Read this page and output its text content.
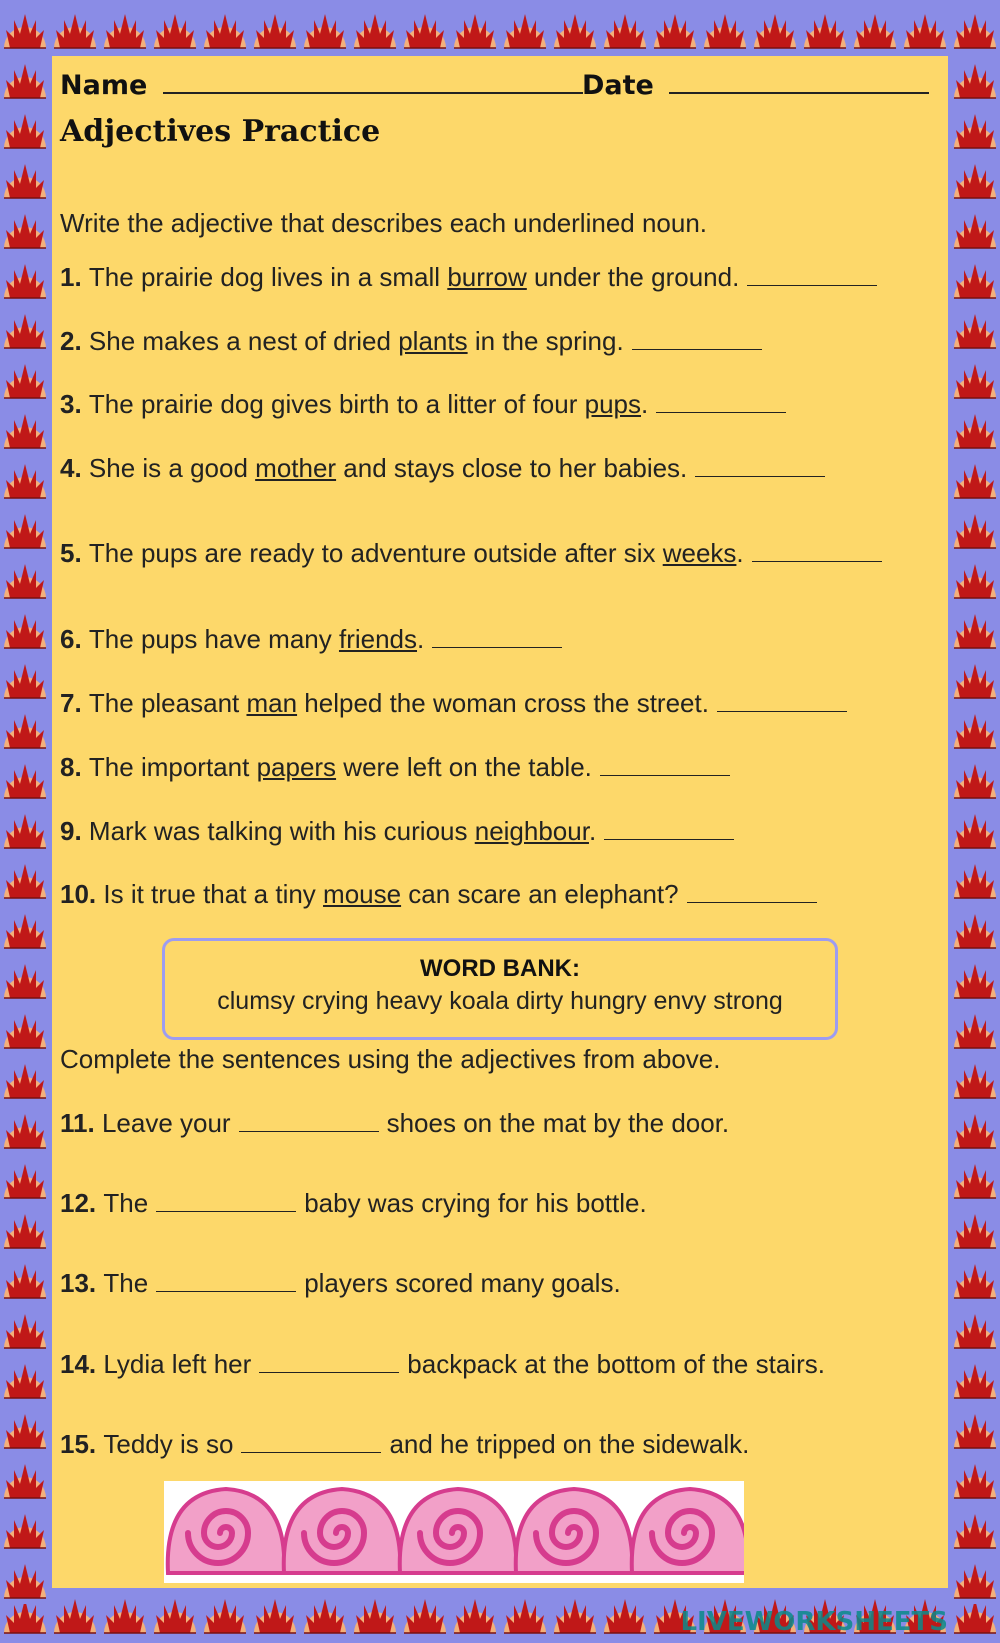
Name	Date
Adjectives Practice
Write the adjective that describes each underlined noun.
1. The prairie dog lives in a small burrow under the ground.
2. She makes a nest of dried plants in the spring.
3. The prairie dog gives birth to a litter of four pups.
4. She is a good mother and stays close to her babies.
5. The pups are ready to adventure outside after six weeks.
6. The pups have many friends.
7. The pleasant man helped the woman cross the street.
8. The important papers were left on the table.
9. Mark was talking with his curious neighbour.
10. Is it true that a tiny mouse can scare an elephant?
WORD BANK:
clumsy crying heavy koala dirty hungry envy strong
Complete the sentences using the adjectives from above.
11. Leave your	shoes on the mat by the door.
12. The	baby was crying for his bottle.
13. The	players scored many goals.
14. Lydia left her	backpack at the bottom of the stairs.
15. Teddy is so	and he tripped on the sidewalk.
LIVEWORKSHEETS
